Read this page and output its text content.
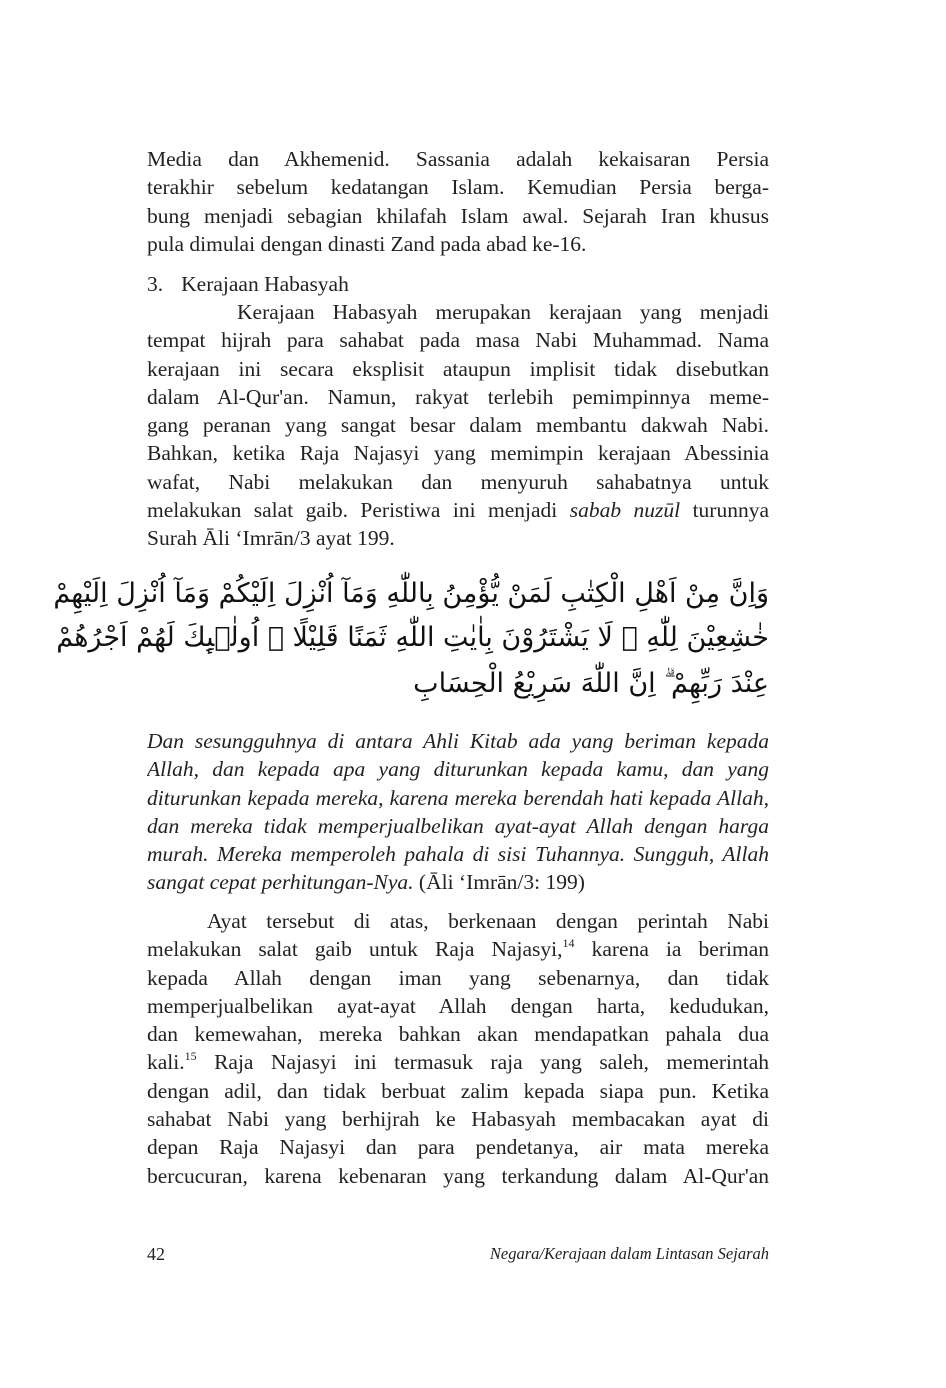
Media dan Akhemenid. Sassania adalah kekaisaran Persia
terakhir sebelum kedatangan Islam. Kemudian Persia berga-
bung menjadi sebagian khilafah Islam awal. Sejarah Iran khusus
pula dimulai dengan dinasti Zand pada abad ke-16.
3. Kerajaan Habasyah
Kerajaan Habasyah merupakan kerajaan yang menjadi
tempat hijrah para sahabat pada masa Nabi Muhammad. Nama
kerajaan ini secara eksplisit ataupun implisit tidak disebutkan
dalam Al-Qur'an. Namun, rakyat terlebih pemimpinnya meme-
gang peranan yang sangat besar dalam membantu dakwah Nabi.
Bahkan, ketika Raja Najasyi yang memimpin kerajaan Abessinia
wafat, Nabi melakukan dan menyuruh sahabatnya untuk
melakukan salat gaib. Peristiwa ini menjadi sabab nuzūl turunnya
Surah Āli ‘Imrān/3 ayat 199.
وَاِنَّ مِنْ اَهْلِ الْكِتٰبِ لَمَنْ يُّؤْمِنُ بِاللّٰهِ وَمَآ اُنْزِلَ اِلَيْكُمْ وَمَآ اُنْزِلَ اِلَيْهِمْ
خٰشِعِيْنَ لِلّٰهِ ۙ لَا يَشْتَرُوْنَ بِاٰيٰتِ اللّٰهِ ثَمَنًا قَلِيْلًا ۗ اُولٰۤىِٕكَ لَهُمْ اَجْرُهُمْ
عِنْدَ رَبِّهِمْ ۗ اِنَّ اللّٰهَ سَرِيْعُ الْحِسَابِ
Dan sesungguhnya di antara Ahli Kitab ada yang beriman kepada
Allah, dan kepada apa yang diturunkan kepada kamu, dan yang
diturunkan kepada mereka, karena mereka berendah hati kepada Allah,
dan mereka tidak memperjualbelikan ayat-ayat Allah dengan harga
murah. Mereka memperoleh pahala di sisi Tuhannya. Sungguh, Allah
sangat cepat perhitungan-Nya. (Āli ‘Imrān/3: 199)
Ayat tersebut di atas, berkenaan dengan perintah Nabi
melakukan salat gaib untuk Raja Najasyi,$^{14}$ karena ia beriman
kepada Allah dengan iman yang sebenarnya, dan tidak
memperjualbelikan ayat-ayat Allah dengan harta, kedudukan,
dan kemewahan, mereka bahkan akan mendapatkan pahala dua
kali.$^{15}$ Raja Najasyi ini termasuk raja yang saleh, memerintah
dengan adil, dan tidak berbuat zalim kepada siapa pun. Ketika
sahabat Nabi yang berhijrah ke Habasyah membacakan ayat di
depan Raja Najasyi dan para pendetanya, air mata mereka
bercucuran, karena kebenaran yang terkandung dalam Al-Qur'an
42	Negara/Kerajaan dalam Lintasan Sejarah
